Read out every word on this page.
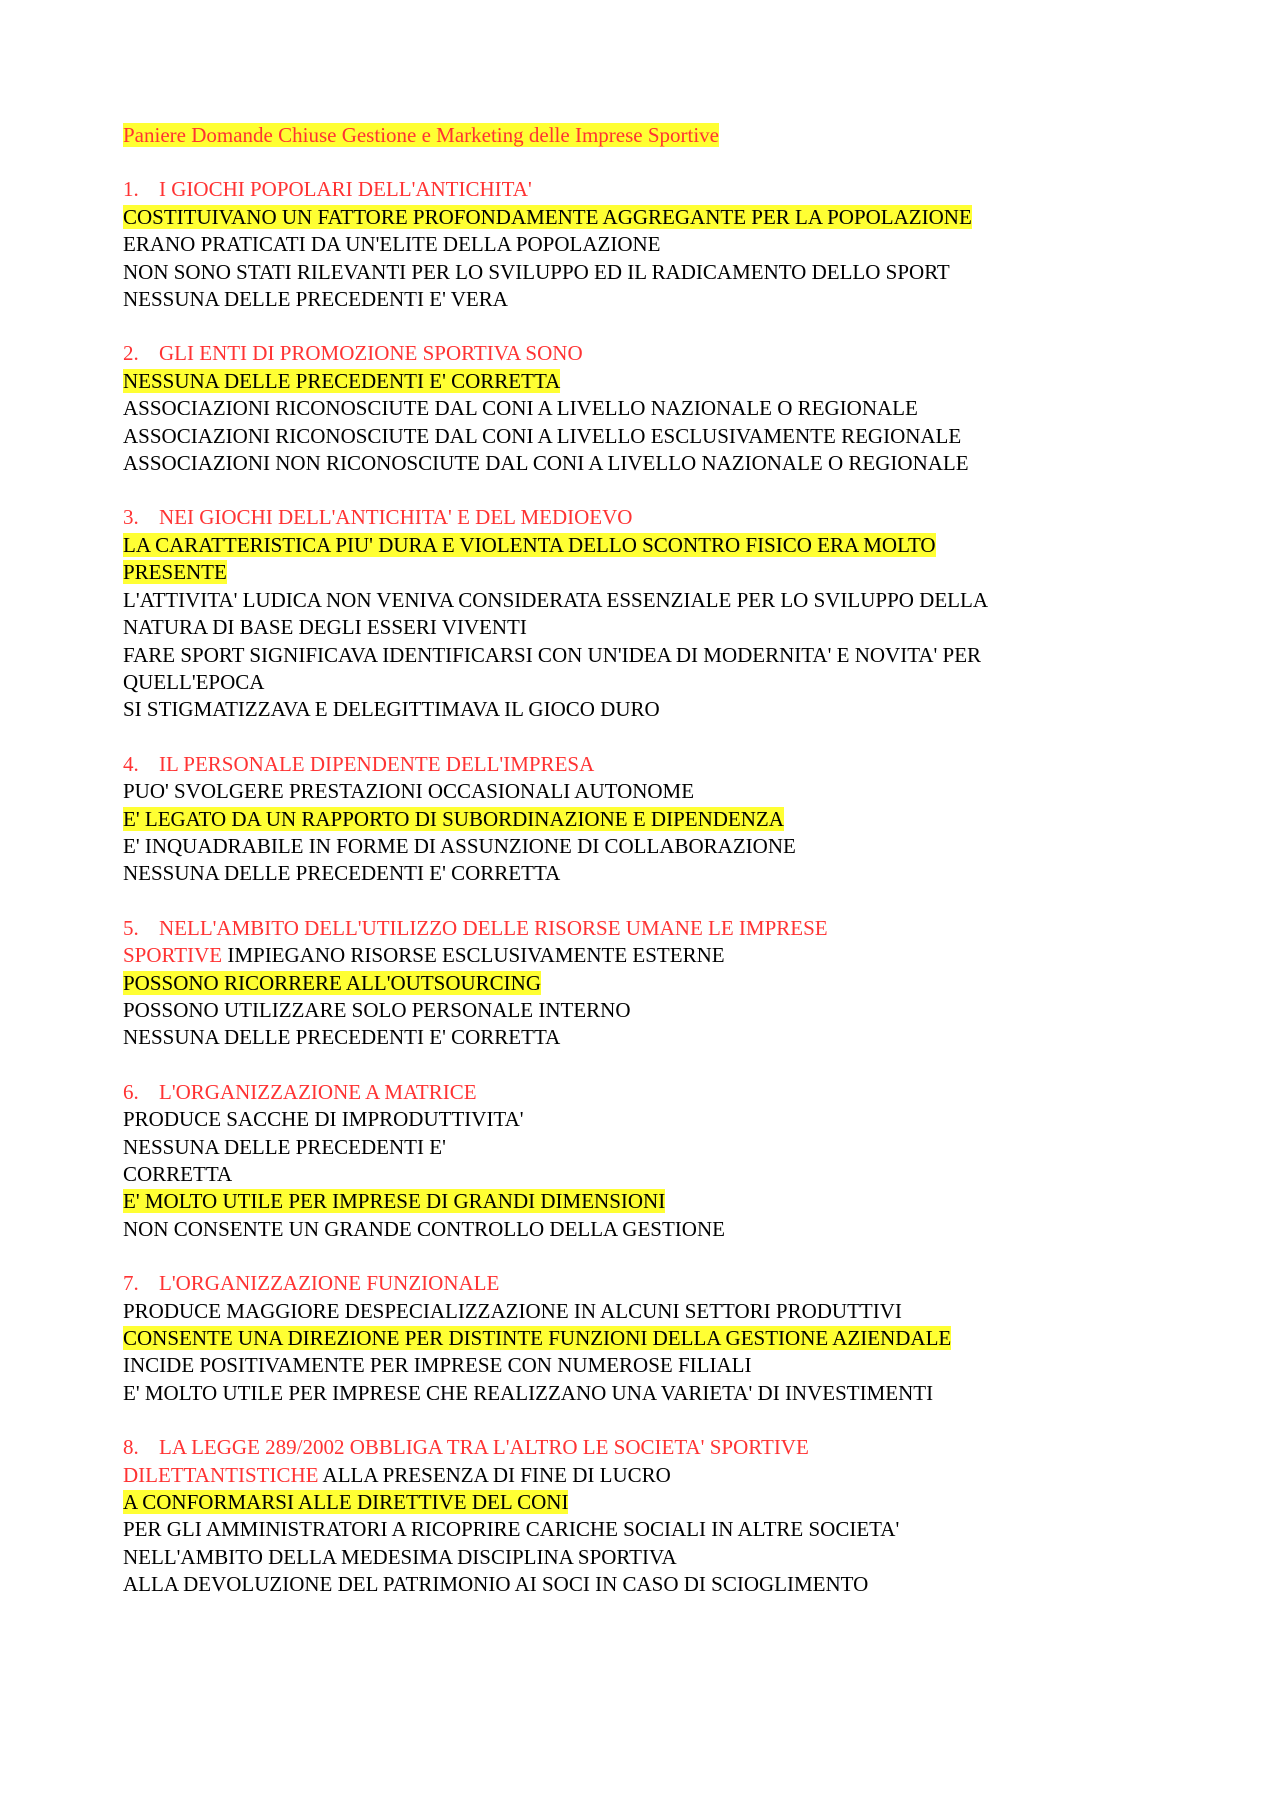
Paniere Domande Chiuse Gestione e Marketing delle Imprese Sportive
1. I GIOCHI POPOLARI DELL'ANTICHITA'
COSTITUIVANO UN FATTORE PROFONDAMENTE AGGREGANTE PER LA POPOLAZIONE
ERANO PRATICATI DA UN'ELITE DELLA POPOLAZIONE
NON SONO STATI RILEVANTI PER LO SVILUPPO ED IL RADICAMENTO DELLO SPORT
NESSUNA DELLE PRECEDENTI E' VERA
2. GLI ENTI DI PROMOZIONE SPORTIVA SONO
NESSUNA DELLE PRECEDENTI E' CORRETTA
ASSOCIAZIONI RICONOSCIUTE DAL CONI A LIVELLO NAZIONALE O REGIONALE
ASSOCIAZIONI RICONOSCIUTE DAL CONI A LIVELLO ESCLUSIVAMENTE REGIONALE
ASSOCIAZIONI NON RICONOSCIUTE DAL CONI A LIVELLO NAZIONALE O REGIONALE
3. NEI GIOCHI DELL'ANTICHITA' E DEL MEDIOEVO
LA CARATTERISTICA PIU' DURA E VIOLENTA DELLO SCONTRO FISICO ERA MOLTO
PRESENTE
L'ATTIVITA' LUDICA NON VENIVA CONSIDERATA ESSENZIALE PER LO SVILUPPO DELLA
NATURA DI BASE DEGLI ESSERI VIVENTI
FARE SPORT SIGNIFICAVA IDENTIFICARSI CON UN'IDEA DI MODERNITA' E NOVITA' PER
QUELL'EPOCA
SI STIGMATIZZAVA E DELEGITTIMAVA IL GIOCO DURO
4. IL PERSONALE DIPENDENTE DELL'IMPRESA
PUO' SVOLGERE PRESTAZIONI OCCASIONALI AUTONOME
E' LEGATO DA UN RAPPORTO DI SUBORDINAZIONE E DIPENDENZA
E' INQUADRABILE IN FORME DI ASSUNZIONE DI COLLABORAZIONE
NESSUNA DELLE PRECEDENTI E' CORRETTA
5. NELL'AMBITO DELL'UTILIZZO DELLE RISORSE UMANE LE IMPRESE
SPORTIVE IMPIEGANO RISORSE ESCLUSIVAMENTE ESTERNE
POSSONO RICORRERE ALL'OUTSOURCING
POSSONO UTILIZZARE SOLO PERSONALE INTERNO
NESSUNA DELLE PRECEDENTI E' CORRETTA
6. L'ORGANIZZAZIONE A MATRICE
PRODUCE SACCHE DI IMPRODUTTIVITA'
NESSUNA DELLE PRECEDENTI E'
CORRETTA
E' MOLTO UTILE PER IMPRESE DI GRANDI DIMENSIONI
NON CONSENTE UN GRANDE CONTROLLO DELLA GESTIONE
7. L'ORGANIZZAZIONE FUNZIONALE
PRODUCE MAGGIORE DESPECIALIZZAZIONE IN ALCUNI SETTORI PRODUTTIVI
CONSENTE UNA DIREZIONE PER DISTINTE FUNZIONI DELLA GESTIONE AZIENDALE
INCIDE POSITIVAMENTE PER IMPRESE CON NUMEROSE FILIALI
E' MOLTO UTILE PER IMPRESE CHE REALIZZANO UNA VARIETA' DI INVESTIMENTI
8. LA LEGGE 289/2002 OBBLIGA TRA L'ALTRO LE SOCIETA' SPORTIVE
DILETTANTISTICHE ALLA PRESENZA DI FINE DI LUCRO
A CONFORMARSI ALLE DIRETTIVE DEL CONI
PER GLI AMMINISTRATORI A RICOPRIRE CARICHE SOCIALI IN ALTRE SOCIETA'
NELL'AMBITO DELLA MEDESIMA DISCIPLINA SPORTIVA
ALLA DEVOLUZIONE DEL PATRIMONIO AI SOCI IN CASO DI SCIOGLIMENTO
